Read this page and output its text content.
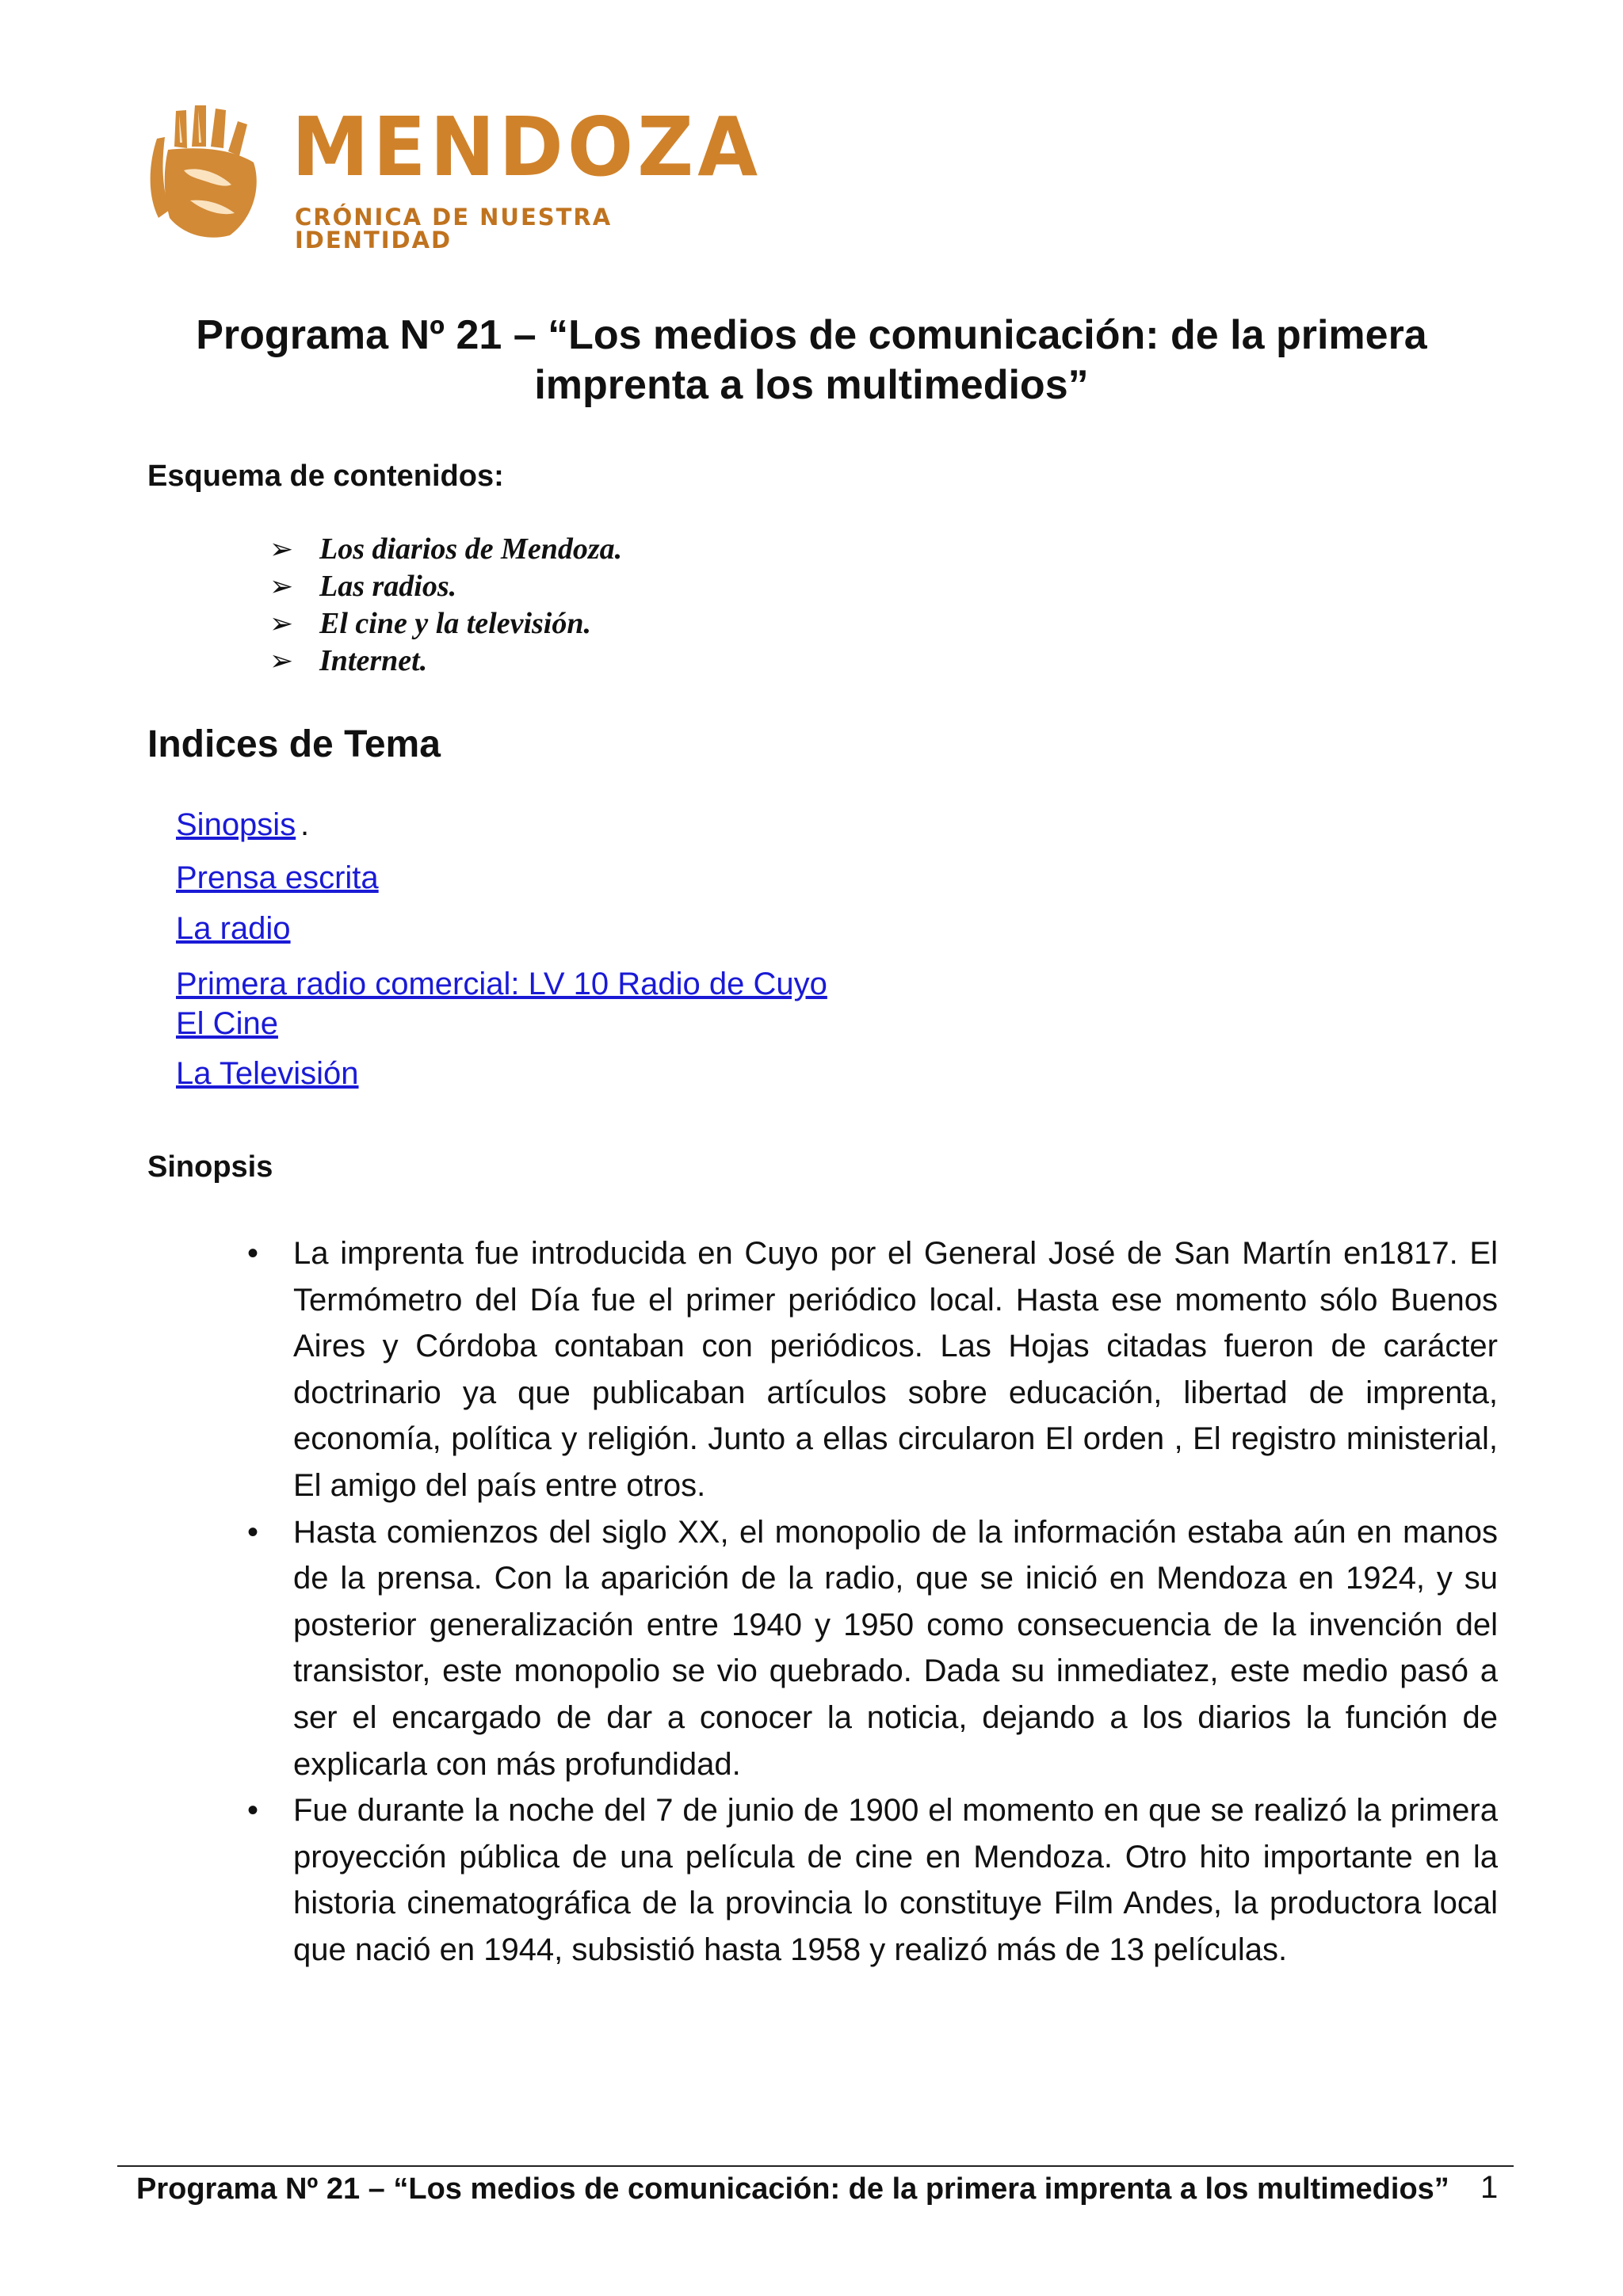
MENDOZA
CRÓNICA DE NUESTRA IDENTIDAD
Programa Nº 21 – “Los medios de comunicación: de la primera
imprenta a los multimedios”
Esquema de contenidos:
➢ Los diarios de Mendoza.
➢ Las radios.
➢ El cine y la televisión.
➢ Internet.
Indices de Tema
Sinopsis .
Prensa escrita
La radio
Primera radio comercial: LV 10 Radio de Cuyo
El Cine
La Televisión
Sinopsis
• La imprenta fue introducida en Cuyo por el General José de San Martín en1817. El Termómetro del Día fue el primer periódico local. Hasta ese momento sólo Buenos Aires y Córdoba contaban con periódicos. Las Hojas citadas fueron de carácter doctrinario ya que publicaban artículos sobre educación, libertad de imprenta, economía, política y religión. Junto a ellas circularon El orden , El registro ministerial, El amigo del país entre otros.
• Hasta comienzos del siglo XX, el monopolio de la información estaba aún en manos de la prensa. Con la aparición de la radio, que se inició en Mendoza en 1924, y su posterior generalización entre 1940 y 1950 como consecuencia de la invención del transistor, este monopolio se vio quebrado. Dada su inmediatez, este medio pasó a ser el encargado de dar a conocer la noticia, dejando a los diarios la función de explicarla con más profundidad.
• Fue durante la noche del 7 de junio de 1900 el momento en que se realizó la primera proyección pública de una película de cine en Mendoza. Otro hito importante en la historia cinematográfica de la provincia lo constituye Film Andes, la productora local que nació en 1944, subsistió hasta 1958 y realizó más de 13 películas.
Programa Nº 21 – “Los medios de comunicación: de la primera imprenta a los multimedios” 1
